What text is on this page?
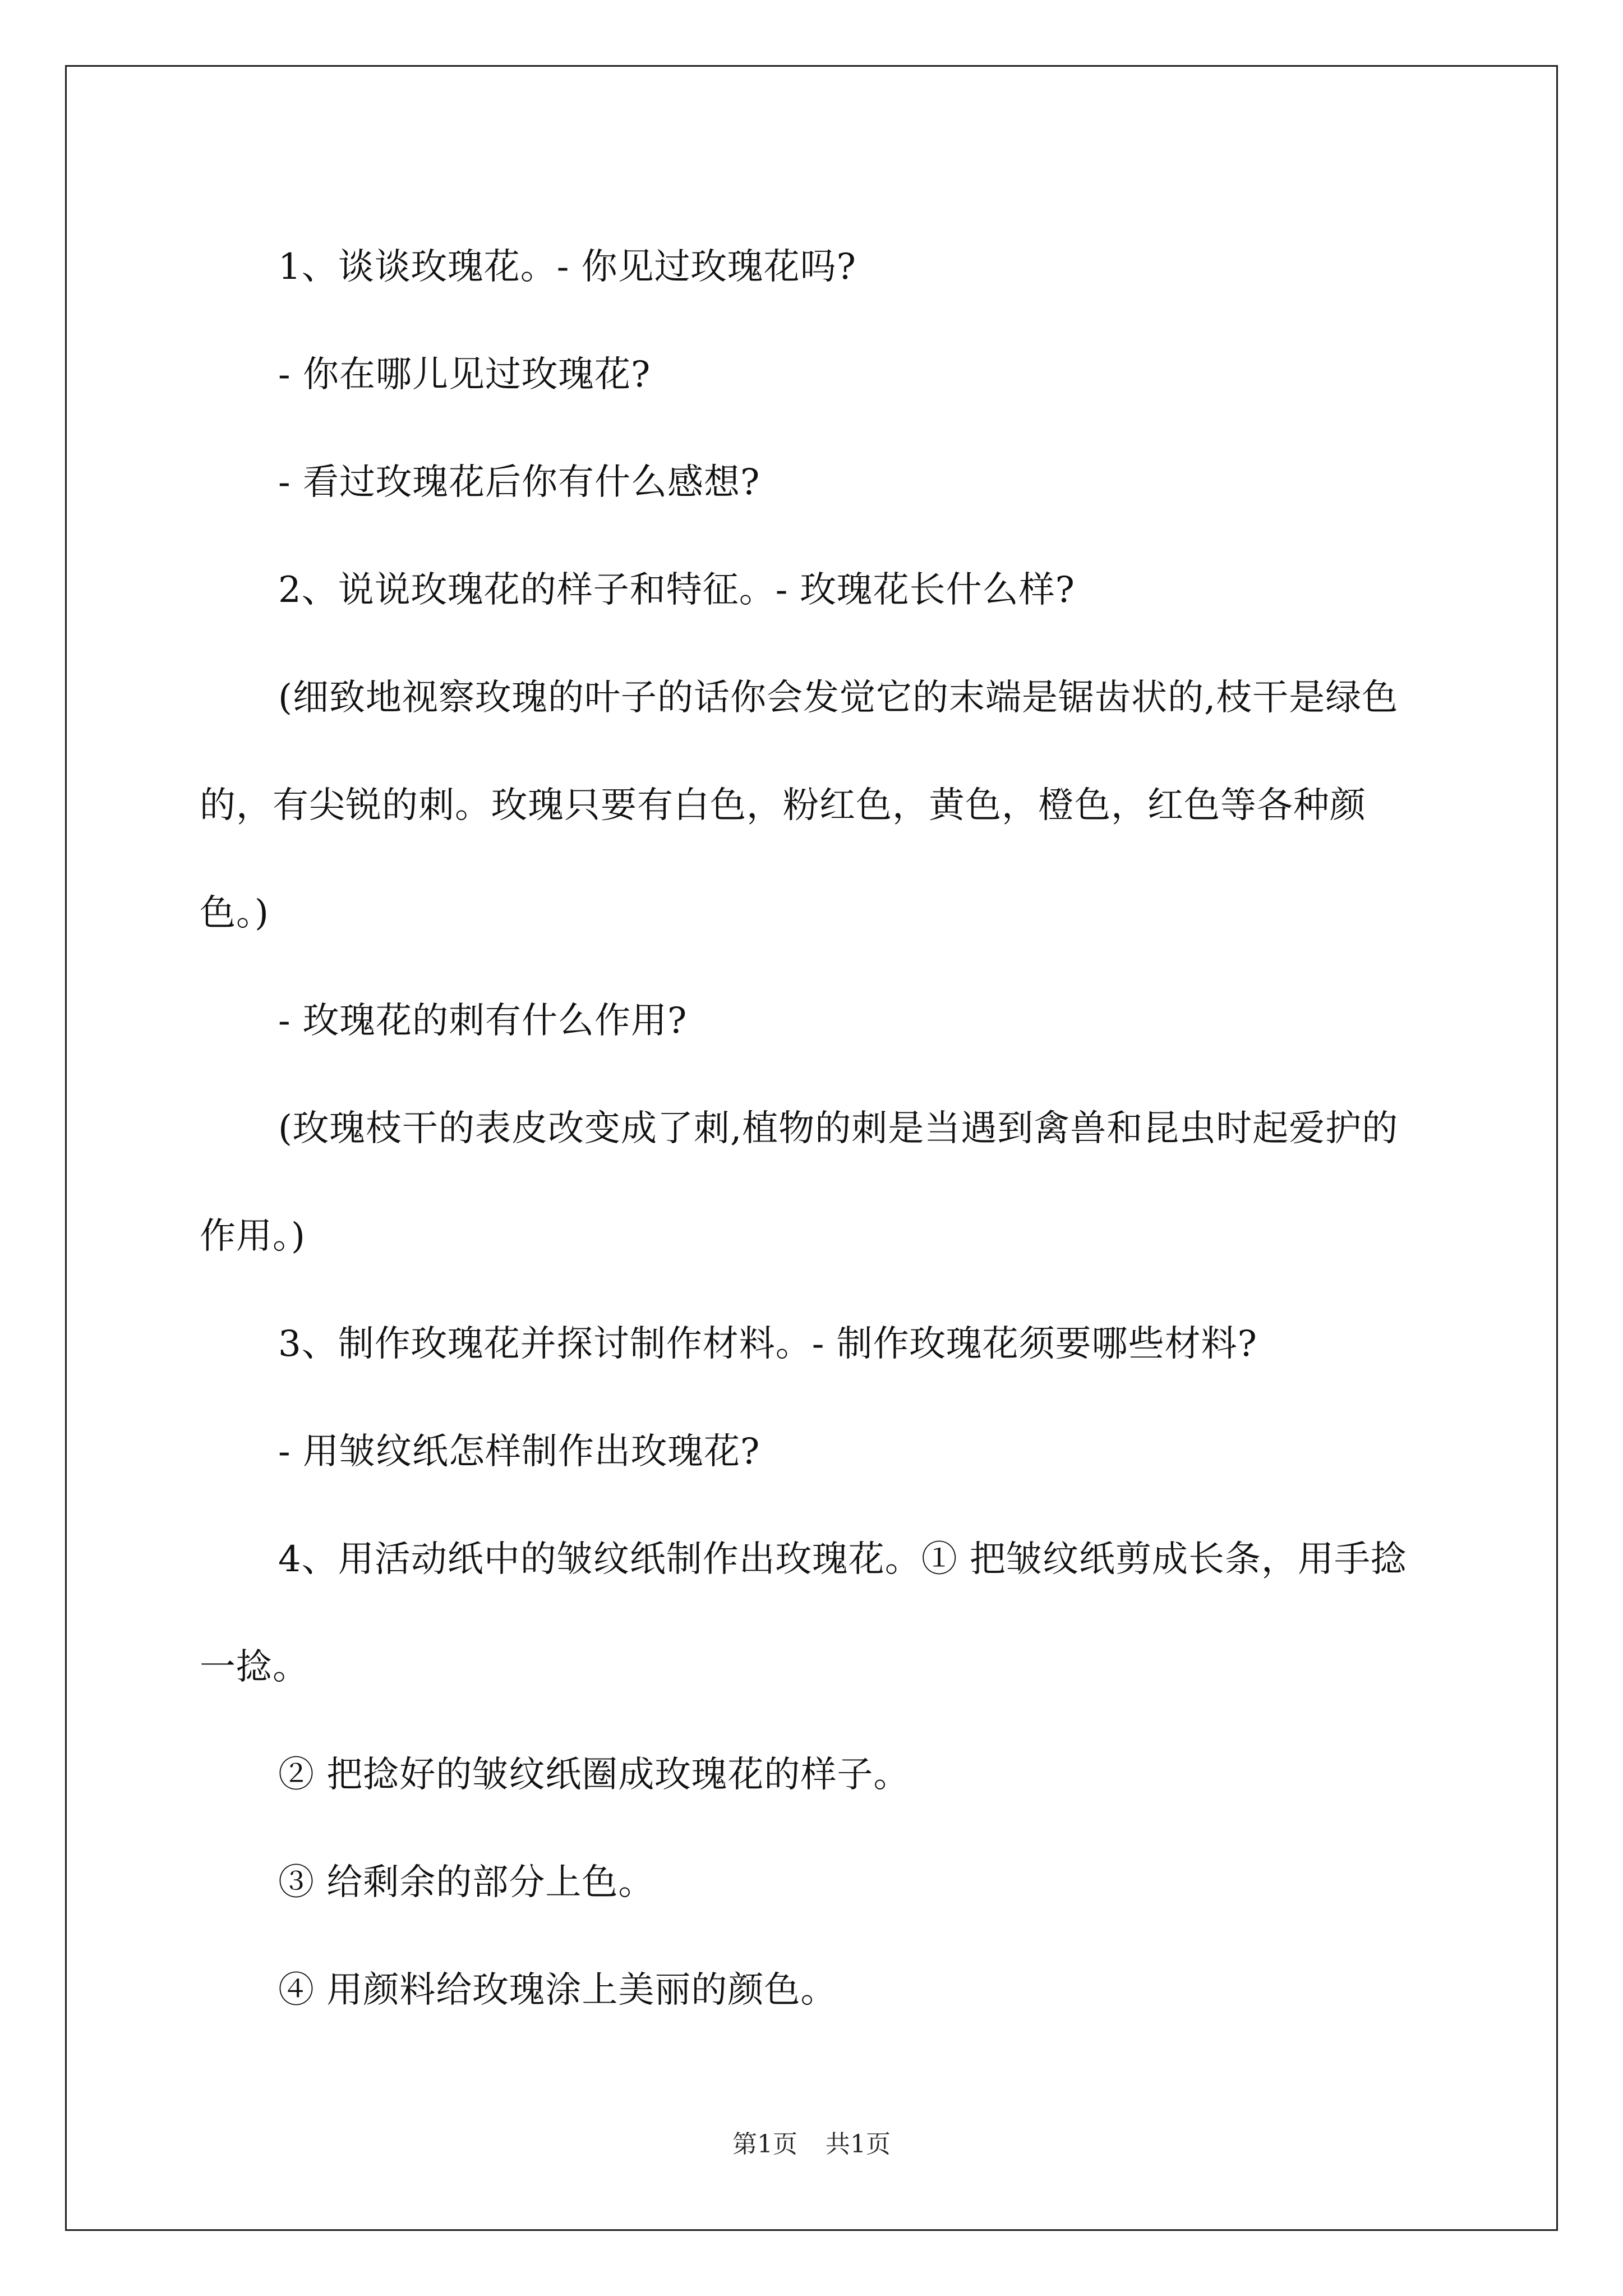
1、谈谈玫瑰花。- 你见过玫瑰花吗?

- 你在哪儿见过玫瑰花?

- 看过玫瑰花后你有什么感想?

2、说说玫瑰花的样子和特征。- 玫瑰花长什么样?

(细致地视察玫瑰的叶子的话你会发觉它的末端是锯齿状的,枝干是绿色的，有尖锐的刺。玫瑰只要有白色，粉红色，黄色，橙色，红色等各种颜色。)

- 玫瑰花的刺有什么作用?

(玫瑰枝干的表皮改变成了刺,植物的刺是当遇到禽兽和昆虫时起爱护的作用。)

3、制作玫瑰花并探讨制作材料。- 制作玫瑰花须要哪些材料?

- 用皱纹纸怎样制作出玫瑰花?

4、用活动纸中的皱纹纸制作出玫瑰花。① 把皱纹纸剪成长条，用手捻一捻。

② 把捻好的皱纹纸圈成玫瑰花的样子。

③ 给剩余的部分上色。

④ 用颜料给玫瑰涂上美丽的颜色。

第1页 共1页
